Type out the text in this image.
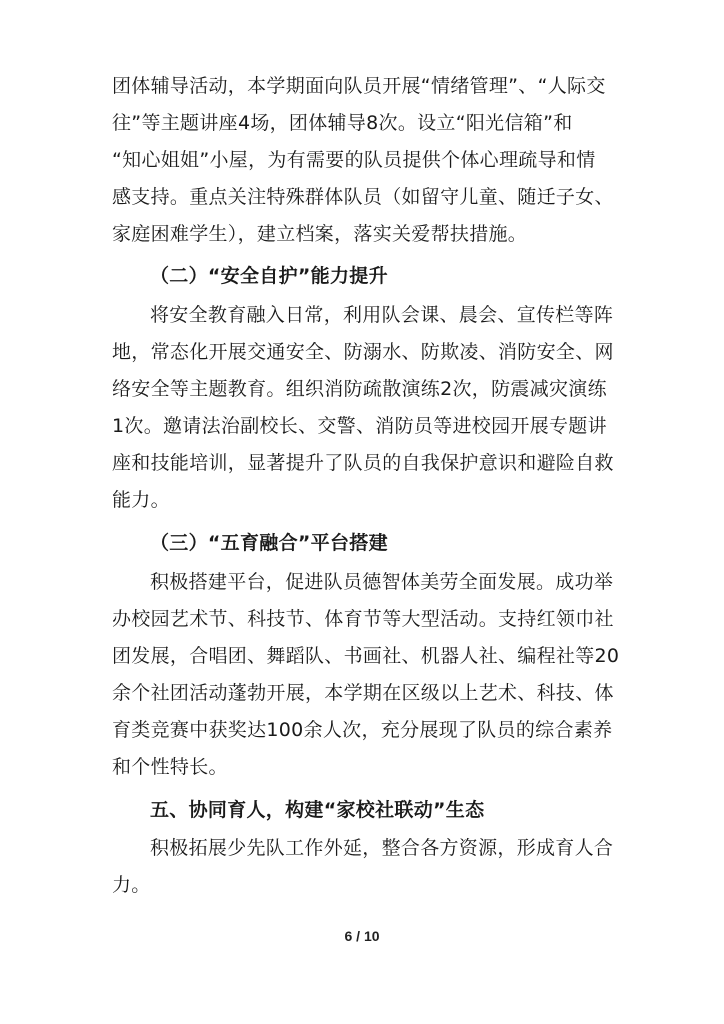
团体辅导活动，本学期面向队员开展“情绪管理”、“人际交
往”等主题讲座4场，团体辅导8次。设立“阳光信箱”和
“知心姐姐”小屋，为有需要的队员提供个体心理疏导和情
感支持。重点关注特殊群体队员（如留守儿童、随迁子女、
家庭困难学生），建立档案，落实关爱帮扶措施。
（二）“安全自护”能力提升
将安全教育融入日常，利用队会课、晨会、宣传栏等阵
地，常态化开展交通安全、防溺水、防欺凌、消防安全、网
络安全等主题教育。组织消防疏散演练2次，防震减灾演练
1次。邀请法治副校长、交警、消防员等进校园开展专题讲
座和技能培训，显著提升了队员的自我保护意识和避险自救
能力。
（三）“五育融合”平台搭建
积极搭建平台，促进队员德智体美劳全面发展。成功举
办校园艺术节、科技节、体育节等大型活动。支持红领巾社
团发展，合唱团、舞蹈队、书画社、机器人社、编程社等20
余个社团活动蓬勃开展，本学期在区级以上艺术、科技、体
育类竞赛中获奖达100余人次，充分展现了队员的综合素养
和个性特长。
五、协同育人，构建“家校社联动”生态
积极拓展少先队工作外延，整合各方资源，形成育人合
力。
6 / 10
